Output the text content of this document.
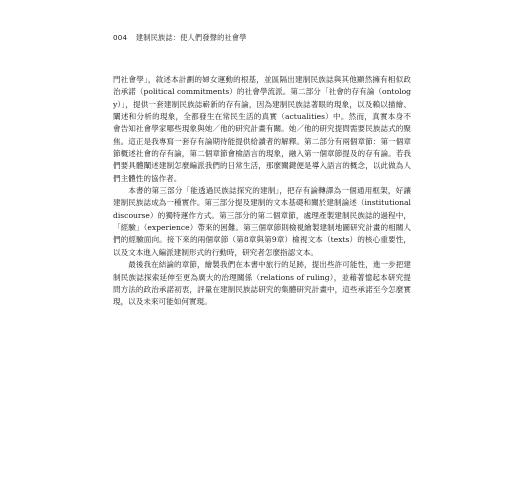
004 建制民族誌：使人們發聲的社會學

門社會學」，敘述本計劃的婦女運動的根基，並區隔出建制民族誌與其他顯然擁有相似政治承諾（political commitments）的社會學流派。第二部分「社會的存有論（ontology）」，提供一套建制民族誌嶄新的存有論，因為建制民族誌著眼的現象，以及賴以描繪、闡述和分析的現象，全都發生在常民生活的真實（actualities）中。然而，真實本身不會告知社會學家哪些現象與她／他的研究計畫有關。她／他的研究提問需要民族誌式的聚焦。這正是我專寫一套存有論期待能提供給讀者的解釋。第二部分有兩個章節：第一個章節概述社會的存有論，第二個章節會檢語言的現象，融入第一個章節提及的存有論。若我們要具體闡述建制怎麼編派我們的日常生活，那麼關鍵便是導入語言的概念，以此做為人們主體性的協作者。

本書的第三部分「能透過民族誌探究的建制」，把存有論轉譯為一個通用框架，好讓建制民族誌成為一種實作。第三部分提及建制的文本基礎和關於建制論述（institutional discourse）的獨特運作方式。第三部分的第二個章節，處理產製建制民族誌的過程中，「經驗」（experience）帶來的困難。第三個章節則檢視繪製建制地圖研究計畫的相關人們的經驗面向。接下來的兩個章節（第8章與第9章）檢視文本（texts）的核心重要性，以及文本進入編派建制形式的行動時，研究者怎麼指認文本。

最後我在結論的章節，繪製我們在本書中旅行的足跡，提出些許可能性，進一步把建制民族誌探索延伸至更為廣大的治理關係（relations of ruling），並藉著憶起本研究提問方法的政治承諾初衷，評量在建制民族誌研究的集體研究計畫中，這些承諾至今怎麼實現，以及未來可能如何實現。
